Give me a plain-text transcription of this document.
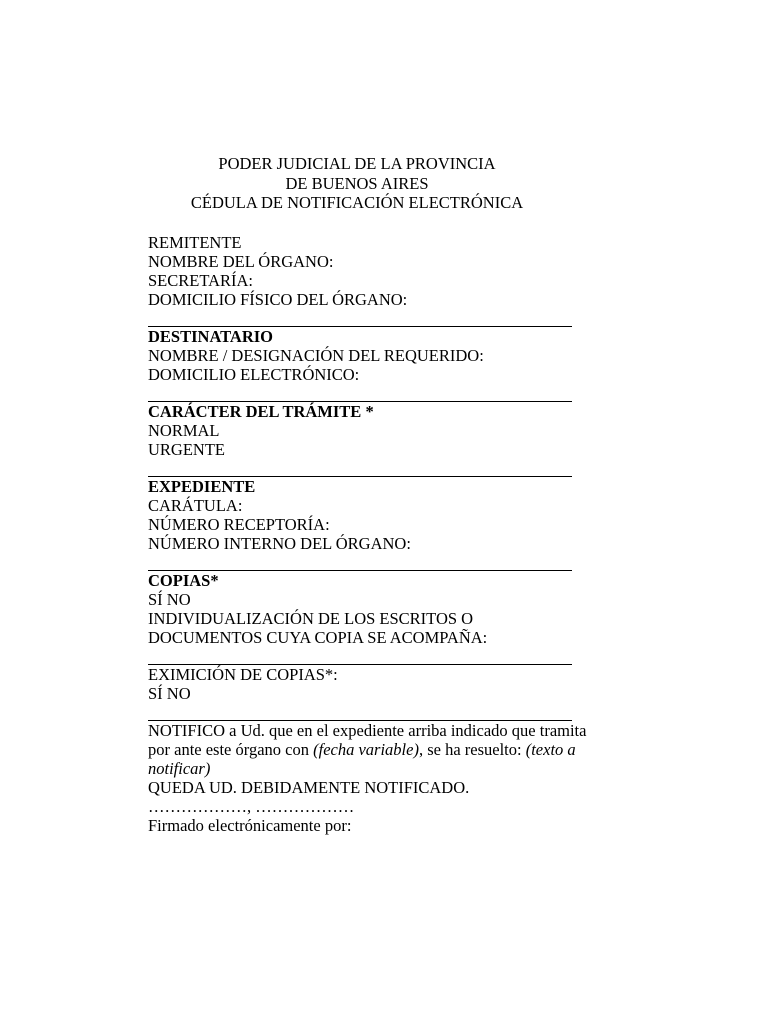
PODER JUDICIAL DE LA PROVINCIA
DE BUENOS AIRES
CÉDULA DE NOTIFICACIÓN ELECTRÓNICA
REMITENTE
NOMBRE DEL ÓRGANO:
SECRETARÍA:
DOMICILIO FÍSICO DEL ÓRGANO:
DESTINATARIO
NOMBRE / DESIGNACIÓN DEL REQUERIDO:
DOMICILIO ELECTRÓNICO:
CARÁCTER DEL TRÁMITE *
NORMAL
URGENTE
EXPEDIENTE
CARÁTULA:
NÚMERO RECEPTORÍA:
NÚMERO INTERNO DEL ÓRGANO:
COPIAS*
SÍ NO
INDIVIDUALIZACIÓN DE LOS ESCRITOS O
DOCUMENTOS CUYA COPIA SE ACOMPAÑA:
EXIMICIÓN DE COPIAS*:
SÍ NO
NOTIFICO a Ud. que en el expediente arriba indicado que tramita por ante este órgano con (fecha variable), se ha resuelto: (texto a notificar)
QUEDA UD. DEBIDAMENTE NOTIFICADO.
………………, ………………
Firmado electrónicamente por:
